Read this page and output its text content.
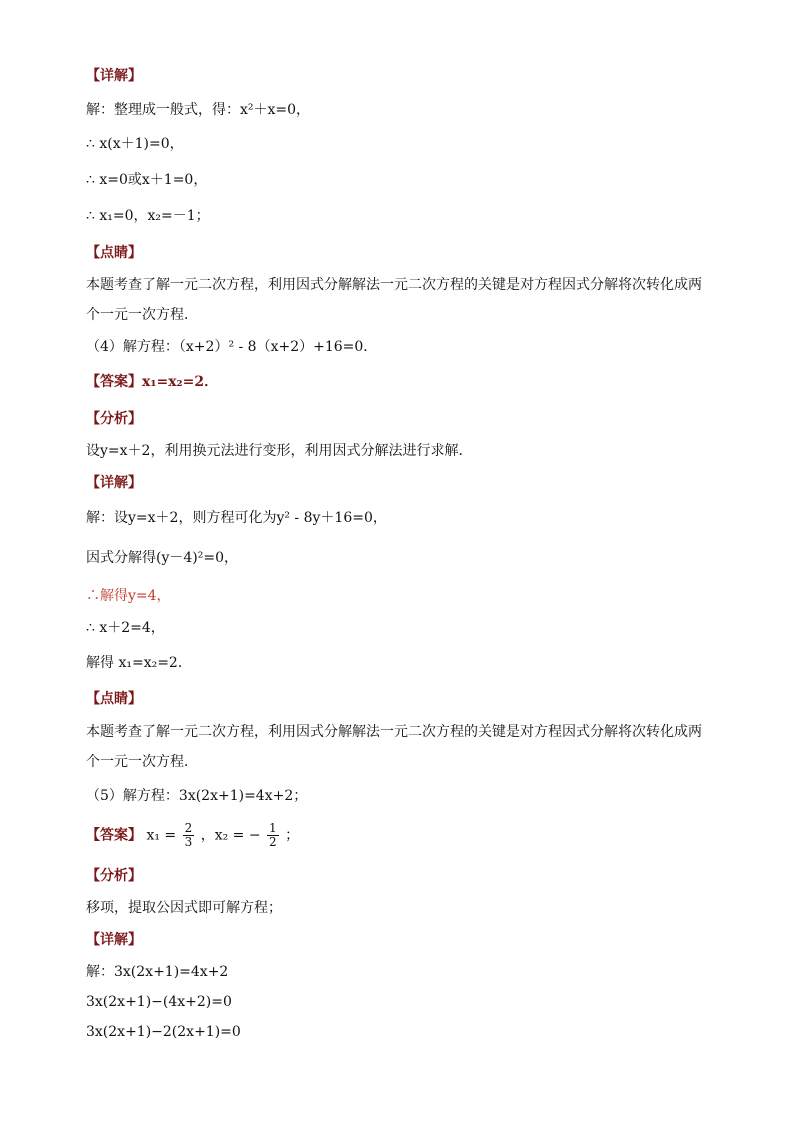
【详解】
解：整理成一般式，得：x²＋x=0，
∴ x(x＋1)=0，
∴ x=0或x＋1=0，
∴ x₁=0，x₂=－1；
【点睛】
本题考查了解一元二次方程，利用因式分解解法一元二次方程的关键是对方程因式分解将次转化成两
个一元一次方程．
（4）解方程：（x+2）² - 8（x+2）+16=0．
【答案】x₁=x₂=2．
【分析】
设y=x＋2，利用换元法进行变形，利用因式分解法进行求解．
【详解】
解：设y=x＋2，则方程可化为y² - 8y＋16=0，
因式分解得(y－4)²=0，
∴解得y=4，
∴ x＋2=4，
解得 x₁=x₂=2．
【点睛】
本题考查了解一元二次方程，利用因式分解解法一元二次方程的关键是对方程因式分解将次转化成两
个一元一次方程．
（5）解方程：3x(2x+1)=4x+2；
【答案】 $x_1 = \frac{2}{3}$ ，x₂ = − $\frac{1}{2}$ ；
【分析】
移项，提取公因式即可解方程；
【详解】
解：3x(2x+1)=4x+2
3x(2x+1)−(4x+2)=0
3x(2x+1)−2(2x+1)=0
